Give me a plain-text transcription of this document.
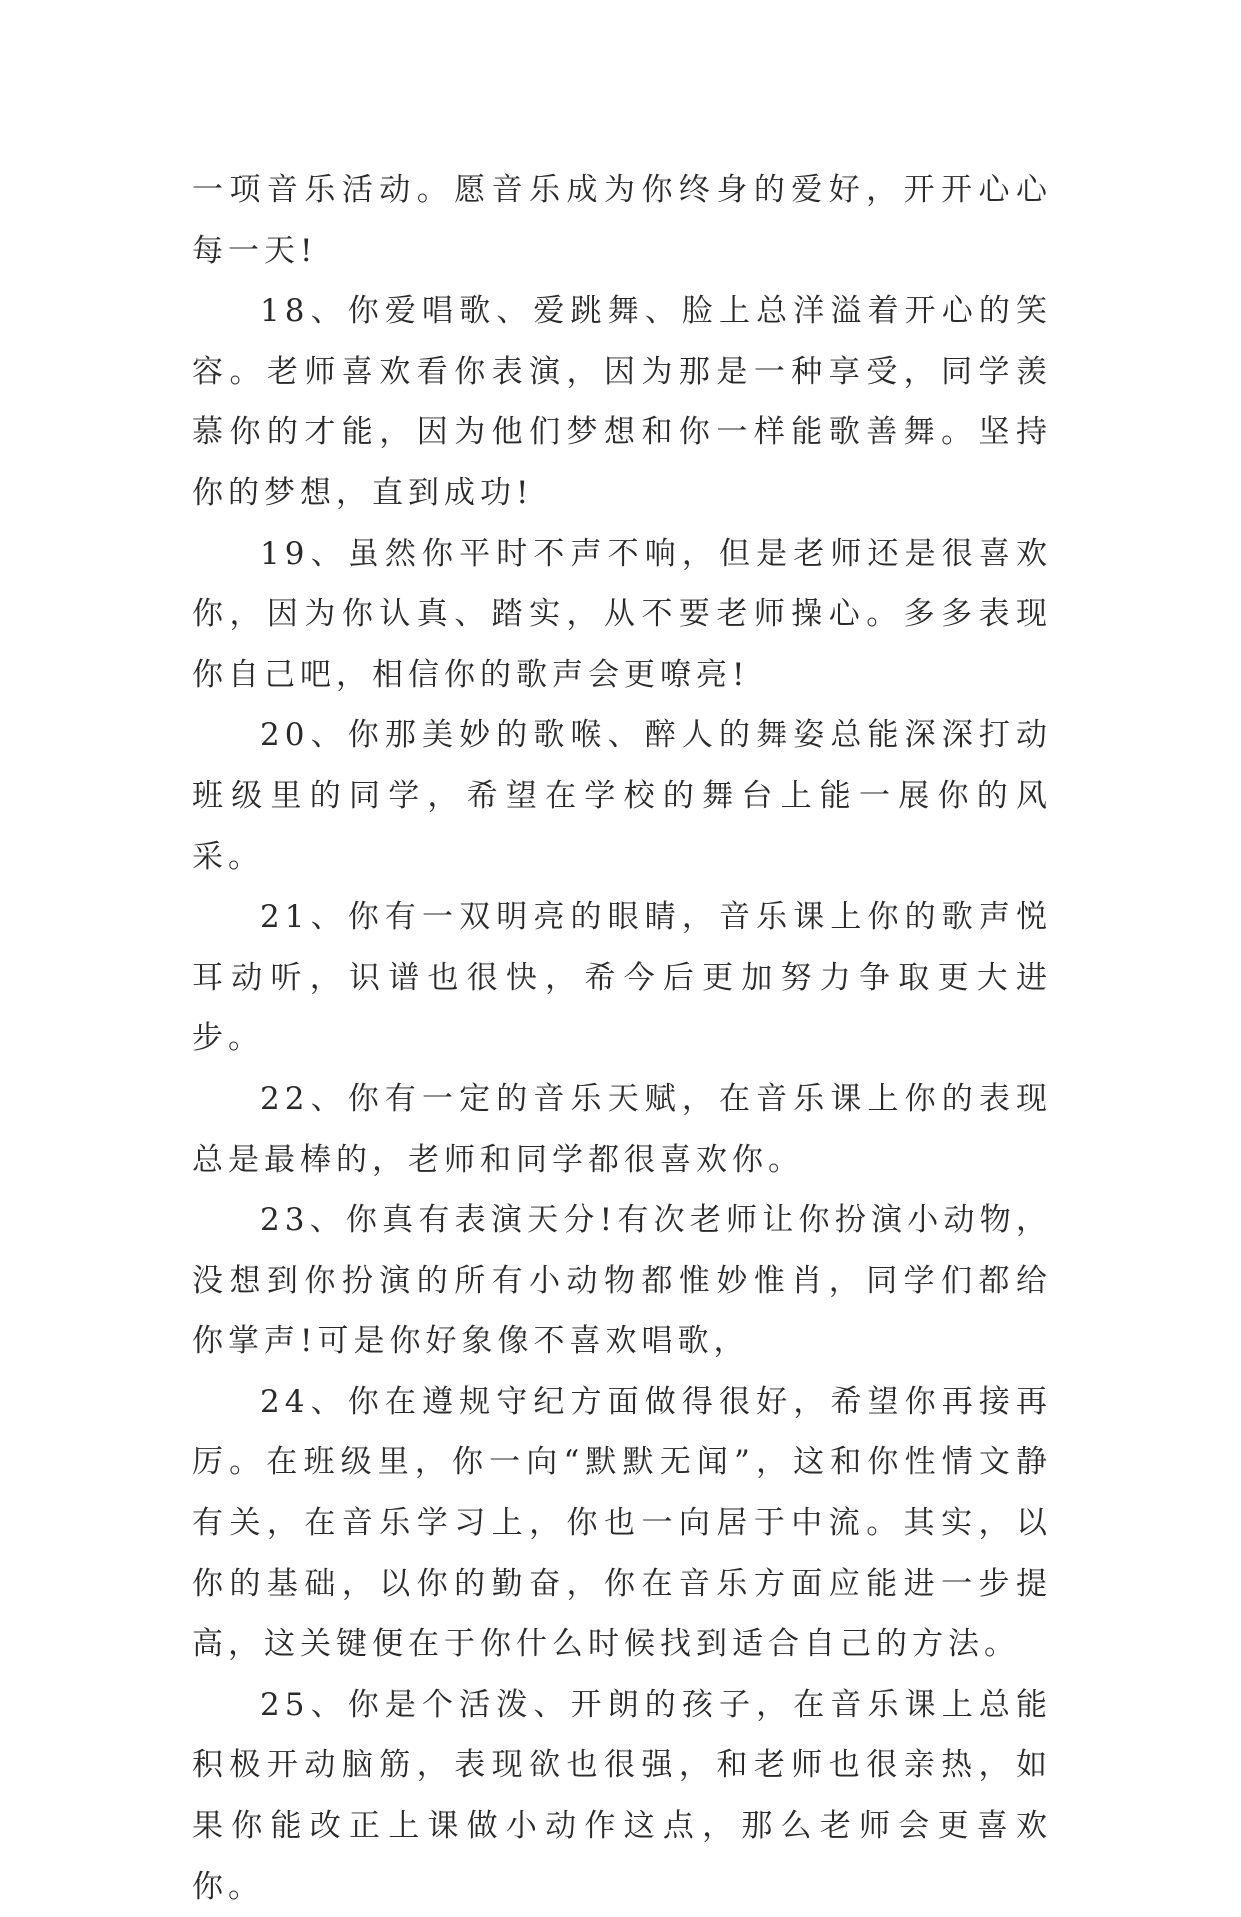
一项音乐活动。愿音乐成为你终身的爱好，开开心心每一天!

18、你爱唱歌、爱跳舞、脸上总洋溢着开心的笑容。老师喜欢看你表演，因为那是一种享受，同学羡慕你的才能，因为他们梦想和你一样能歌善舞。坚持你的梦想，直到成功!

19、虽然你平时不声不响，但是老师还是很喜欢你，因为你认真、踏实，从不要老师操心。多多表现你自己吧，相信你的歌声会更嘹亮!

20、你那美妙的歌喉、醉人的舞姿总能深深打动班级里的同学，希望在学校的舞台上能一展你的风采。

21、你有一双明亮的眼睛，音乐课上你的歌声悦耳动听，识谱也很快，希今后更加努力争取更大进步。

22、你有一定的音乐天赋，在音乐课上你的表现总是最棒的，老师和同学都很喜欢你。

23、你真有表演天分!有次老师让你扮演小动物，没想到你扮演的所有小动物都惟妙惟肖，同学们都给你掌声!可是你好象像不喜欢唱歌，

24、你在遵规守纪方面做得很好，希望你再接再厉。在班级里，你一向“默默无闻”，这和你性情文静有关，在音乐学习上，你也一向居于中流。其实，以你的基础，以你的勤奋，你在音乐方面应能进一步提高，这关键便在于你什么时候找到适合自己的方法。

25、你是个活泼、开朗的孩子，在音乐课上总能积极开动脑筋，表现欲也很强，和老师也很亲热，如果你能改正上课做小动作这点，那么老师会更喜欢你。
